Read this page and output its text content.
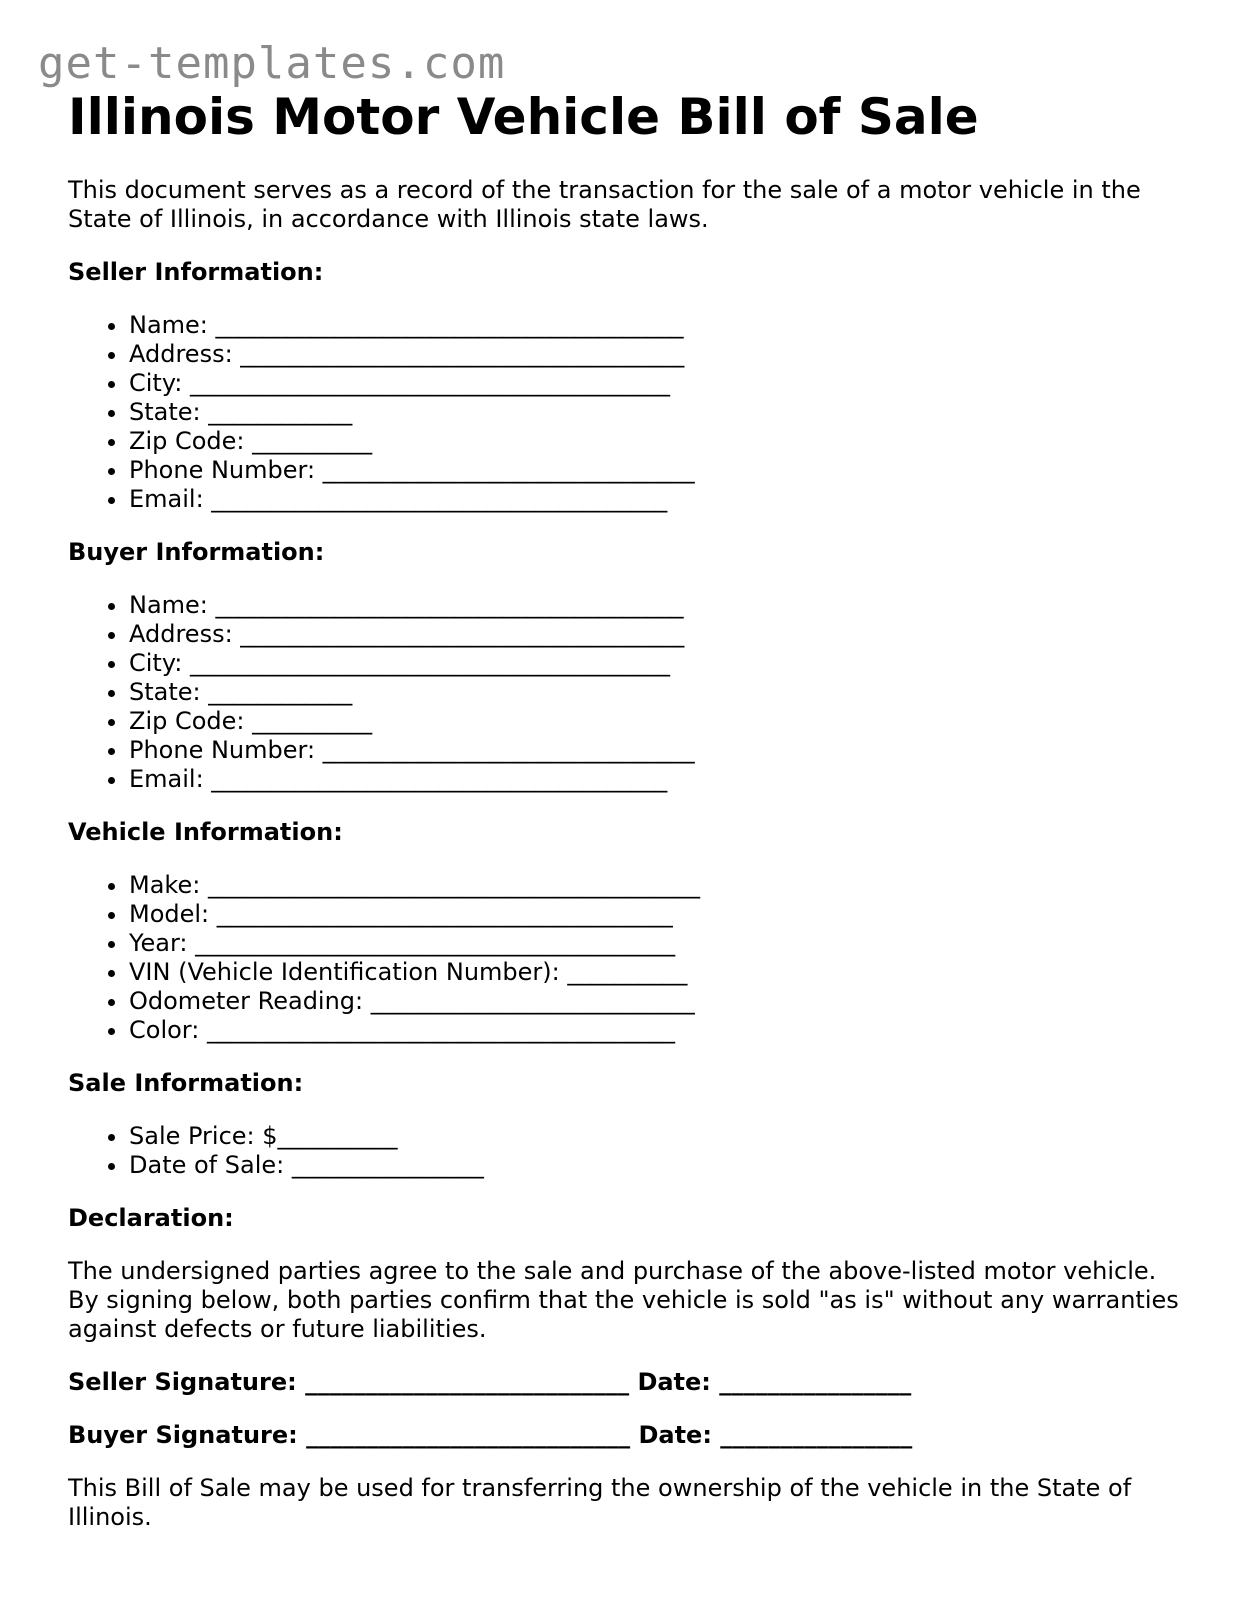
get-templates.com
Illinois Motor Vehicle Bill of Sale

This document serves as a record of the transaction for the sale of a motor vehicle in the State of Illinois, in accordance with Illinois state laws.

Seller Information:
• Name: _______________________________________
• Address: _____________________________________
• City: ________________________________________
• State: ____________
• Zip Code: __________
• Phone Number: _______________________________
• Email: ______________________________________
Buyer Information:
• Name: _______________________________________
• Address: _____________________________________
• City: ________________________________________
• State: ____________
• Zip Code: __________
• Phone Number: _______________________________
• Email: ______________________________________
Vehicle Information:
• Make: _________________________________________
• Model: ______________________________________
• Year: ________________________________________
• VIN (Vehicle Identification Number): __________
• Odometer Reading: ___________________________
• Color: _______________________________________
Sale Information:
• Sale Price: $__________
• Date of Sale: ________________
Declaration:

The undersigned parties agree to the sale and purchase of the above-listed motor vehicle. By signing below, both parties confirm that the vehicle is sold "as is" without any warranties against defects or future liabilities.

Seller Signature: ___________________________ Date: ________________
Buyer Signature: ___________________________ Date: ________________

This Bill of Sale may be used for transferring the ownership of the vehicle in the State of Illinois.
